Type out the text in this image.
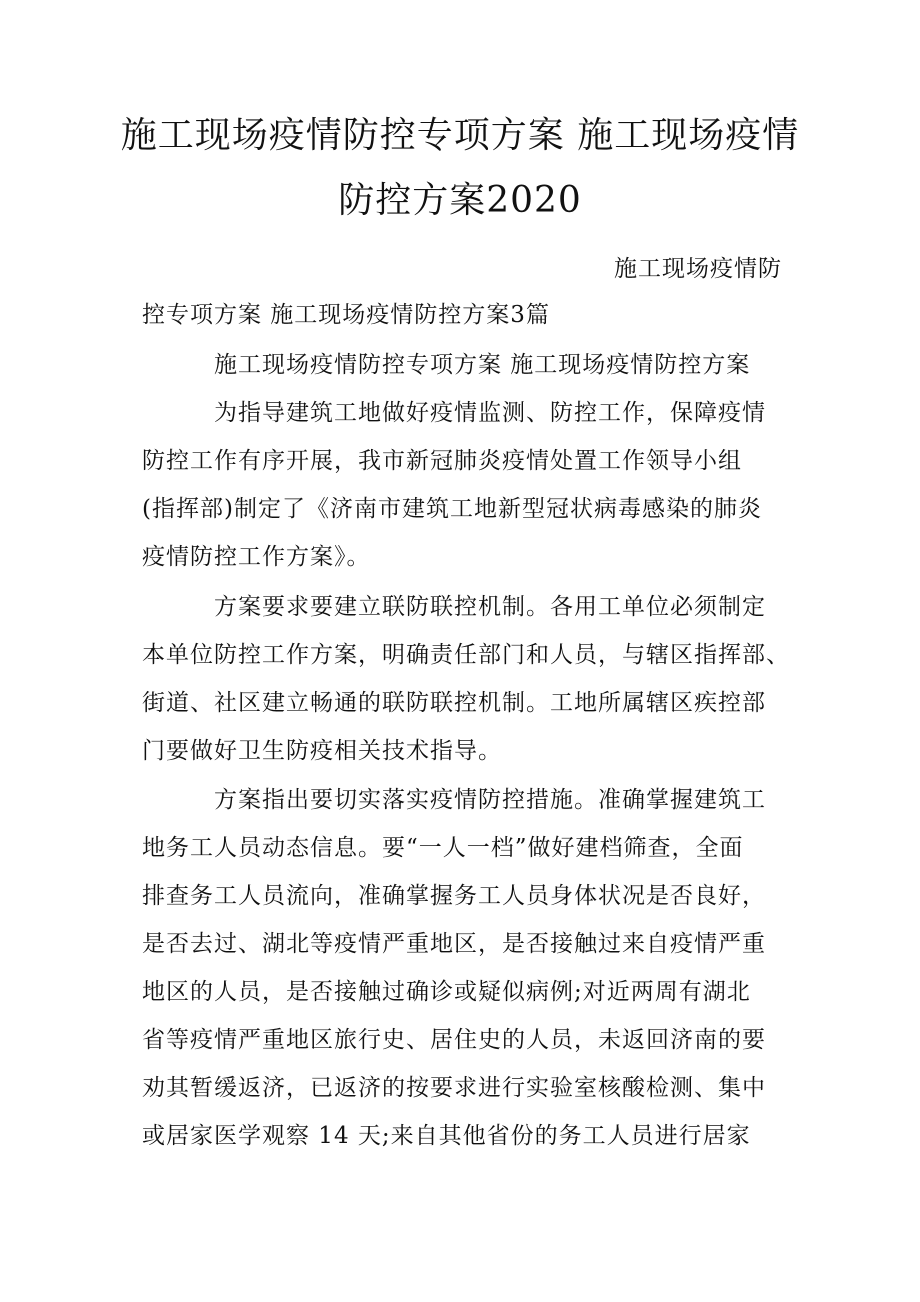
施工现场疫情防控专项方案 施工现场疫情
防控方案2020
施工现场疫情防
控专项方案 施工现场疫情防控方案3篇
施工现场疫情防控专项方案 施工现场疫情防控方案
为指导建筑工地做好疫情监测、防控工作，保障疫情
防控工作有序开展，我市新冠肺炎疫情处置工作领导小组
(指挥部)制定了《济南市建筑工地新型冠状病毒感染的肺炎
疫情防控工作方案》。
方案要求要建立联防联控机制。各用工单位必须制定
本单位防控工作方案，明确责任部门和人员，与辖区指挥部、
街道、社区建立畅通的联防联控机制。工地所属辖区疾控部
门要做好卫生防疫相关技术指导。
方案指出要切实落实疫情防控措施。准确掌握建筑工
地务工人员动态信息。要“一人一档”做好建档筛查，全面
排查务工人员流向，准确掌握务工人员身体状况是否良好，
是否去过、湖北等疫情严重地区，是否接触过来自疫情严重
地区的人员，是否接触过确诊或疑似病例;对近两周有湖北
省等疫情严重地区旅行史、居住史的人员，未返回济南的要
劝其暂缓返济，已返济的按要求进行实验室核酸检测、集中
或居家医学观察 14 天;来自其他省份的务工人员进行居家
